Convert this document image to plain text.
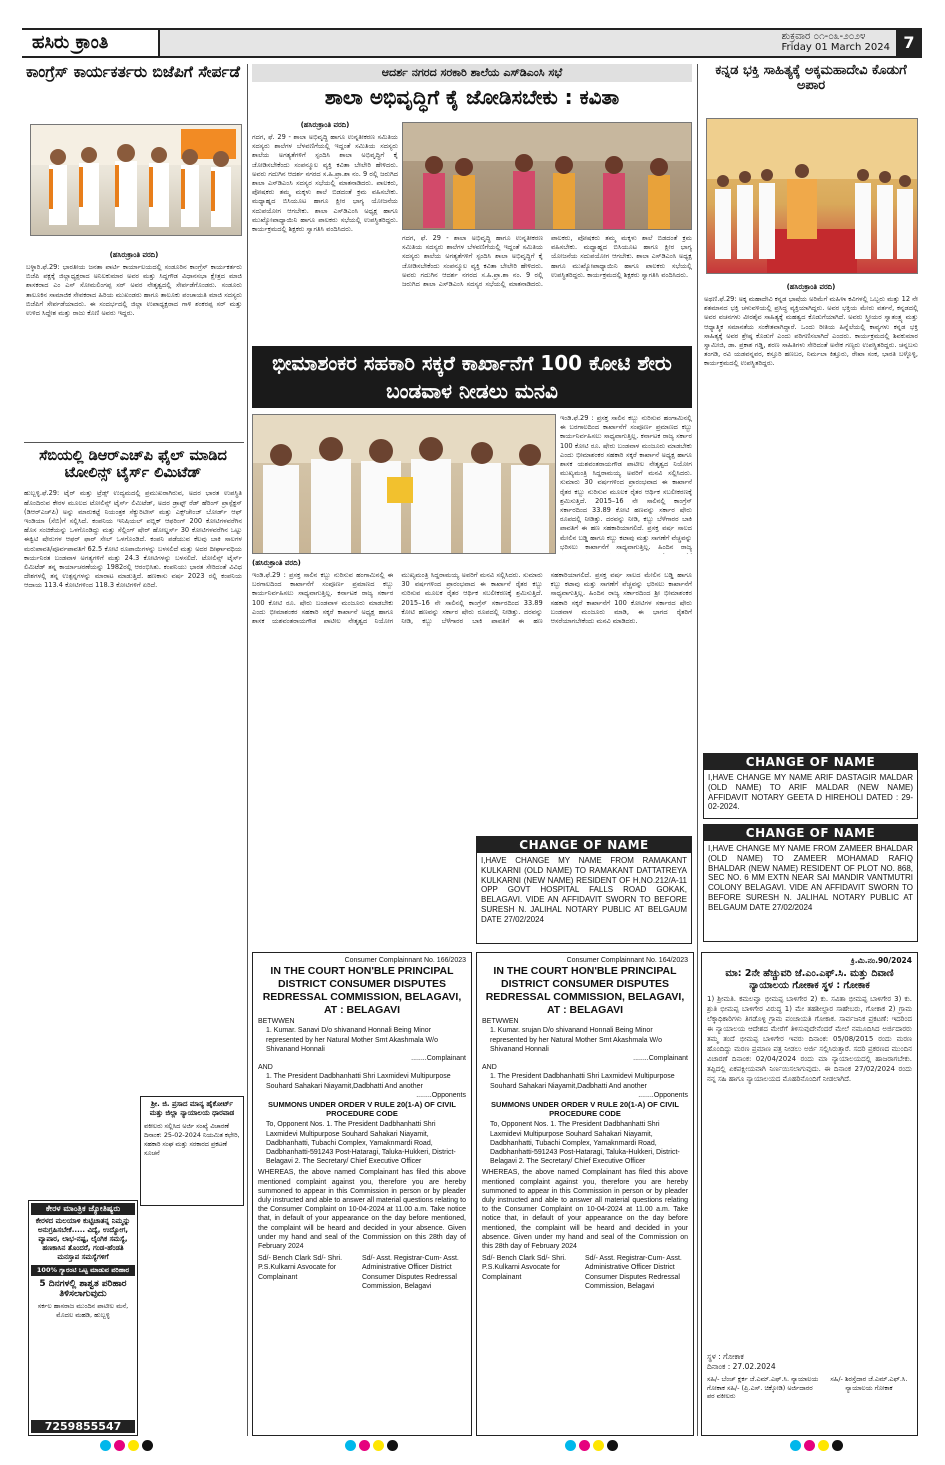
ಹಸಿರು ಕ್ರಾಂತಿ	ಶುಕ್ರವಾರ ೦೧-೦೩-೨೦೨೪
Friday 01 March 2024 7
ಕಾಂಗ್ರೆಸ್ ಕಾರ್ಯಕರ್ತರು ಬಿಜೆಪಿಗೆ ಸೇರ್ಪಡೆ
(ಹಸಿರುಕ್ರಾಂತಿ ವರದಿ)
ಬಳ್ಳಾರಿ.ಫೆ.29: ಭಾರತೀಯ ಜನತಾ ಪಾರ್ಟಿ ಕಾರ್ಯಾಲಯದಲ್ಲಿ ಸಂಡೂರಿನ ಕಾಂಗ್ರೆಸ್ ಕಾರ್ಯಕರ್ತರು ಬಿಜೆಪಿ ಪಕ್ಷಕ್ಕೆ ಜಿಲ್ಲಾಧ್ಯಕ್ಷರಾದ ಅನಿಲಕುಮಾರ ಅವರ ಮತ್ತು ಸಿದ್ದಗೌಡ ವಿಧಾನಸಭಾ ಕ್ಷೇತ್ರದ ಮಾಜಿ ಶಾಸಕರಾದ ಎಂ ಎಸ್ ಸೋಮಲಿಂಗಪ್ಪ ಸರ್ ಅವರ ನೇತೃತ್ವದಲ್ಲಿ ಸೇರ್ಪಡೆಗೊಂಡರು. ಸಂಡೂರು ತಾಲೂಕಿನ ಸಾಮಾಜಿಕ ಸೇವಕರಾದ ಹಿರಿಯ ಮುಖಂಡರು ಹಾಗೂ ತಾಲೂಕು ಪಂಚಾಯತಿ ಮಾಜಿ ಸದಸ್ಯರು ಬಿಜೆಪಿಗೆ ಸೇರ್ಪಡೆಯಾದರು. ಈ ಸಂದರ್ಭದಲ್ಲಿ ಜಿಲ್ಲಾ ಉಪಾಧ್ಯಕ್ಷರಾದ ಗಾಳಿ ಶಂಕರಪ್ಪ ಸರ್ ಮತ್ತು ಉಳಿದ ಸಿದ್ದೇಶ ಮತ್ತು ರಾಜು ಕೊಣಿ ಅವರು ಇದ್ದರು.
ಸೆಬಿಯಲ್ಲಿ ಡಿಆರ್‌ಎಚ್‌ಪಿ ಫೈಲ್ ಮಾಡಿದ ಟೋಲಿನ್ಸ್ ಟೈರ್ಸ್ ಲಿಮಿಟೆಡ್
ಹುಬ್ಬಳ್ಳಿ.ಫೆ.29: ಟೈರ್ ಮತ್ತು ಟ್ರೆಡ್ಸ್ ಉದ್ಯಮದಲ್ಲಿ ಪ್ರಮುಖರಾಗಿರುವ, ಅದರ ಭಾರತ ಉಪಸ್ಥಿತಿ ಹೊಂದಿರುವ ಕೇರಳ ಮೂಲದ ಟೋಲಿನ್ಸ್ ಟೈರ್ಸ್ ಲಿಮಿಟೆಡ್, ಅದರ ಡ್ರಾಫ್ಟ್ ರೆಡ್ ಹೆರಿಂಗ್ ಪ್ರಾಸ್ಪೆಕ್ಟಸ್ (ಡಿಆರ್‌ಎಚ್‌ಪಿ) ಅನ್ನು ಮಾರುಕಟ್ಟೆ ನಿಯಂತ್ರಕ ಸೆಕ್ಯುರಿಟೀಸ್ ಮತ್ತು ಎಕ್ಸ್‌ಚೇಂಜ್ ಬೋರ್ಡ್ ಆಫ್ ಇಂಡಿಯಾ (ಸೆಬಿ)ಗೆ ಸಲ್ಲಿಸಿದೆ. ಕಂಪನಿಯ ಇನಿಷಿಯಲ್ ಪಬ್ಲಿಕ್ ಆಫರಿಂಗ್ 200 ಕೋಟಿಗಳವರೆಗಿನ ಹೊಸ ಸಂಚಿಕೆಯನ್ನು ಒಳಗೊಂಡಿದ್ದು ಮತ್ತು ಸೆಲ್ಲಿಂಗ್ ಷೇರ್ ಹೋಲ್ಡರ್ಸ್ 30 ಕೋಟಿಗಳವರೆಗಿನ ಒಟ್ಟು ಈಕ್ವಿಟಿ ಷೇರುಗಳ ಆಫರ್ ಫಾರ್ ಸೇಲ್ ಒಳಗೊಂಡಿದೆ. ಕಂಪನಿ ಪಡೆಯುವ ಕೆಲವು ಬಾಕಿ ಸಾಲಗಳ ಮರುಪಾವತಿ/ಪೂರ್ವಪಾವತಿಗೆ 62.5 ಕೋಟಿ ರೂಪಾಯಿಗಳನ್ನು ಬಳಸಲಿದೆ ಮತ್ತು ಅದರ ದೀರ್ಘಾವಧಿಯ ಕಾರ್ಯನಿರತ ಬಂಡವಾಳ ಅಗತ್ಯಗಳಿಗೆ ಮತ್ತು 24.3 ಕೋಟಿಗಳನ್ನು ಬಳಸಲಿದೆ. ಟೋಲಿನ್ಸ್ ಟೈರ್ಸ್ ಲಿಮಿಟೆಡ್ ತನ್ನ ಕಾರ್ಯಾಚರಣೆಯನ್ನು 1982ರಲ್ಲಿ ಆರಂಭಿಸಿತು. ಕಂಪನಿಯು ಭಾರತ ಸೇರಿದಂತೆ ವಿವಿಧ ದೇಶಗಳಲ್ಲಿ ತನ್ನ ಉತ್ಪನ್ನಗಳನ್ನು ಮಾರಾಟ ಮಾಡುತ್ತಿದೆ. ಹಣಕಾಸು ವರ್ಷ 2023 ರಲ್ಲಿ ಕಂಪನಿಯ ಆದಾಯ 113.4 ಕೋಟಿಗಳಿಂದ 118.3 ಕೋಟಿಗಳಿಗೆ ಏರಿದೆ.
ಶ್ರೀ. ಜಿ. ಪ್ರಸಾದ ಮಾನ್ಯ ಹೈಕೋರ್ಟ್ ಮತ್ತು ಜಿಲ್ಲಾ ನ್ಯಾಯಾಲಯ ಧಾರವಾಡ
ವಕೀಲರು ಸಲ್ಲಿಸಿದ ಅರ್ಜಿ ಸಂಖ್ಯೆ ವಿಚಾರಣೆ ದಿನಾಂಕ: 25-02-2024 ನಿಯಮಿತ ಕಛೇರಿ, ಸಹಕಾರಿ ಸಂಘ ಮತ್ತು ಸರಕಾರದ ಪ್ರಕಟಣೆ ಸೂಚನೆ
ಕೇರಳ ಮಾಂತ್ರಿಕ ಜ್ಯೋತಿಷ್ಯರು
ಕೇರಳದ ಮಲಯಾಳಿ ಕುಟ್ಟಿಚಾತನ್ನ ನಿಮ್ಮನ್ನು ಅನುಗ್ರಹಿಸಬೇಕೆ..... ವಿದ್ಯೆ, ಉದ್ಯೋಗ, ವ್ಯಾಪಾರ, ಲಾಭ-ನಷ್ಟ, ಲೈಂಗಿಕ ಸಮಸ್ಯೆ, ಹಣಕಾಸಿನ ತೊಂದರೆ, ಗಂಡ-ಹೆಂಡತಿ ಮನಸ್ತಾಪ ಸಮಸ್ಯೆಗಳಿಗೆ
100% ಗ್ಯಾರಂಟಿ ಒಟ್ಟ ಮಾಡುವ ಪರಿಹಾರ
5 ದಿನಗಳಲ್ಲಿ ಶಾಶ್ವತ ಪರಿಹಾರ ತಿಳಿಸಲಾಗುವುದು
ಸರ್ಕಲ ಹಾಸರಾಜ ಮುಂದಿನ ಪಾಟೀಲ ಮನೆ, ಮೊದಲ ಮಹಡಿ, ಹುಬ್ಬಳ್ಳಿ
7259855547
ಆದರ್ಶ ನಗರದ ಸರಕಾರಿ ಶಾಲೆಯ ಎಸ್‌ಡಿಎಂಸಿ ಸಭೆ
ಶಾಲಾ ಅಭಿವೃದ್ಧಿಗೆ ಕೈ ಜೋಡಿಸಬೇಕು : ಕವಿತಾ
(ಹಸಿರುಕ್ರಾಂತಿ ವರದಿ)
ಗದಗ, ಫೆ. 29 - ಶಾಲಾ ಅಭಿವೃದ್ಧಿ ಹಾಗೂ ಉನ್ನತೀಕರಣ ಸಮಿತಿಯ ಸದಸ್ಯರು ಶಾಲೆಗಳ ಬೆಳವಣಿಗೆಯಲ್ಲಿ ಇದ್ದಂತೆ ಸಮಿತಿಯ ಸದಸ್ಯರು ಶಾಲೆಯ ಅಗತ್ಯತೆಗಳಿಗೆ ಸ್ಪಂದಿಸಿ ಶಾಲಾ ಅಭಿವೃದ್ಧಿಗೆ ಕೈ ಜೋಡಿಸಬೇಕೆಂದು ಸಂಪನ್ಮೂಲ ವ್ಯಕ್ತಿ ಕವಿತಾ ಬೇಲೇರಿ ಹೇಳಿದರು. ಅವರು ಗದುಗಿನ ಆದರ್ಶ ನಗರದ ಸ.ಹಿ.ಪ್ರಾ.ಶಾ ನಂ. 9 ರಲ್ಲಿ ಜರುಗಿದ ಶಾಲಾ ಎಸ್‌ಡಿಎಂಸಿ ಸದಸ್ಯರ ಸಭೆಯಲ್ಲಿ ಮಾತನಾಡಿದರು. ಪಾಲಕರು, ಪೋಷಕರು ತಮ್ಮ ಮಕ್ಕಳು ಶಾಲೆ ಬಿಡದಂತೆ ಕ್ರಮ ವಹಿಸಬೇಕು. ಮಧ್ಯಾಹ್ನದ ಬಿಸಿಯೂಟ ಹಾಗೂ ಕ್ಷೀರ ಭಾಗ್ಯ ಯೋಜನೆಯ ಸದುಪಯೋಗ ಆಗಬೇಕು. ಶಾಲಾ ಎಸ್‌ಡಿಎಂಸಿ ಅಧ್ಯಕ್ಷ ಹಾಗೂ ಮುಖ್ಯೋಪಾಧ್ಯಾಯಿನಿ ಹಾಗೂ ಪಾಲಕರು ಸಭೆಯಲ್ಲಿ ಉಪಸ್ಥಿತರಿದ್ದರು. ಕಾರ್ಯಕ್ರಮದಲ್ಲಿ ಶಿಕ್ಷಕರು ಸ್ವಾಗತಿಸಿ ವಂದಿಸಿದರು.
ಗದಗ, ಫೆ. 29 - ಶಾಲಾ ಅಭಿವೃದ್ಧಿ ಹಾಗೂ ಉನ್ನತೀಕರಣ ಸಮಿತಿಯ ಸದಸ್ಯರು ಶಾಲೆಗಳ ಬೆಳವಣಿಗೆಯಲ್ಲಿ ಇದ್ದಂತೆ ಸಮಿತಿಯ ಸದಸ್ಯರು ಶಾಲೆಯ ಅಗತ್ಯತೆಗಳಿಗೆ ಸ್ಪಂದಿಸಿ ಶಾಲಾ ಅಭಿವೃದ್ಧಿಗೆ ಕೈ ಜೋಡಿಸಬೇಕೆಂದು ಸಂಪನ್ಮೂಲ ವ್ಯಕ್ತಿ ಕವಿತಾ ಬೇಲೇರಿ ಹೇಳಿದರು. ಅವರು ಗದುಗಿನ ಆದರ್ಶ ನಗರದ ಸ.ಹಿ.ಪ್ರಾ.ಶಾ ನಂ. 9 ರಲ್ಲಿ ಜರುಗಿದ ಶಾಲಾ ಎಸ್‌ಡಿಎಂಸಿ ಸದಸ್ಯರ ಸಭೆಯಲ್ಲಿ ಮಾತನಾಡಿದರು. ಪಾಲಕರು, ಪೋಷಕರು ತಮ್ಮ ಮಕ್ಕಳು ಶಾಲೆ ಬಿಡದಂತೆ ಕ್ರಮ ವಹಿಸಬೇಕು. ಮಧ್ಯಾಹ್ನದ ಬಿಸಿಯೂಟ ಹಾಗೂ ಕ್ಷೀರ ಭಾಗ್ಯ ಯೋಜನೆಯ ಸದುಪಯೋಗ ಆಗಬೇಕು. ಶಾಲಾ ಎಸ್‌ಡಿಎಂಸಿ ಅಧ್ಯಕ್ಷ ಹಾಗೂ ಮುಖ್ಯೋಪಾಧ್ಯಾಯಿನಿ ಹಾಗೂ ಪಾಲಕರು ಸಭೆಯಲ್ಲಿ ಉಪಸ್ಥಿತರಿದ್ದರು. ಕಾರ್ಯಕ್ರಮದಲ್ಲಿ ಶಿಕ್ಷಕರು ಸ್ವಾಗತಿಸಿ ವಂದಿಸಿದರು.
ಭೀಮಾಶಂಕರ ಸಹಕಾರಿ ಸಕ್ಕರೆ ಕಾರ್ಖಾನೆಗೆ 100 ಕೋಟಿ ಶೇರು ಬಂಡವಾಳ ನೀಡಲು ಮನವಿ
ಇಂಡಿ.ಫೆ.29 : ಪ್ರಸಕ್ತ ಸಾಲಿನ ಕಬ್ಬು ನುರಿಸುವ ಹಂಗಾಮಿನಲ್ಲಿ ಈ ಬರಗಾಲದಿಂದ ಕಾರ್ಖಾನೆಗೆ ಸಂಪೂರ್ಣ ಪ್ರಮಾಣದ ಕಬ್ಬು ಕಾರ್ಯನಿರ್ವಹಿಸಲು ಸಾಧ್ಯವಾಗುತ್ತಿಲ್ಲ. ಕರ್ನಾಟಕ ರಾಜ್ಯ ಸರ್ಕಾರ 100 ಕೋಟಿ ರೂ. ಷೇರು ಬಂಡವಾಳ ಮಂಜೂರು ಮಾಡಬೇಕು ಎಂದು ಭೀಮಾಶಂಕರ ಸಹಕಾರಿ ಸಕ್ಕರೆ ಕಾರ್ಖಾನೆ ಅಧ್ಯಕ್ಷ ಹಾಗೂ ಶಾಸಕ ಯಶವಂತರಾಯಗೌಡ ಪಾಟೀಲ ನೇತೃತ್ವದ ನಿಯೋಗ ಮುಖ್ಯಮಂತ್ರಿ ಸಿದ್ದರಾಮಯ್ಯ ಅವರಿಗೆ ಮನವಿ ಸಲ್ಲಿಸಿದರು. ಸುಮಾರು 30 ವರ್ಷಗಳಿಂದ ಪ್ರಾರಂಭವಾದ ಈ ಕಾರ್ಖಾನೆ ರೈತರ ಕಬ್ಬು ನುರಿಸುವ ಮೂಲಕ ರೈತರ ಆರ್ಥಿಕ ಸಬಲೀಕರಣಕ್ಕೆ ಶ್ರಮಿಸುತ್ತಿದೆ. 2015–16 ನೇ ಸಾಲಿನಲ್ಲಿ ಕಾಂಗ್ರೆಸ್ ಸರ್ಕಾರದಿಂದ 33.89 ಕೋಟಿ ಹಣವನ್ನು ಸರ್ಕಾರ ಷೇರು ರೂಪದಲ್ಲಿ ನೀಡಿತ್ತು. ದರವನ್ನು ನೀಡಿ, ಕಬ್ಬು ಬೆಳೆಗಾರರ ಬಾಕಿ ಪಾವತಿಗೆ ಈ ಹಣ ಸಹಕಾರಿಯಾಗಲಿದೆ. ಪ್ರಸಕ್ತ ವರ್ಷ ಸಾಲದ ಮೇಲಿನ ಬಡ್ಡಿ ಹಾಗೂ ಕಬ್ಬು ಕಟಾವು ಮತ್ತು ಸಾಗಣೆಗೆ ವೆಚ್ಚವನ್ನು ಭರಿಸಲು ಕಾರ್ಖಾನೆಗೆ ಸಾಧ್ಯವಾಗುತ್ತಿಲ್ಲ. ಹಿಂದಿನ ರಾಜ್ಯ
(ಹಸಿರುಕ್ರಾಂತಿ ವರದಿ)
ಇಂಡಿ.ಫೆ.29 : ಪ್ರಸಕ್ತ ಸಾಲಿನ ಕಬ್ಬು ನುರಿಸುವ ಹಂಗಾಮಿನಲ್ಲಿ ಈ ಬರಗಾಲದಿಂದ ಕಾರ್ಖಾನೆಗೆ ಸಂಪೂರ್ಣ ಪ್ರಮಾಣದ ಕಬ್ಬು ಕಾರ್ಯನಿರ್ವಹಿಸಲು ಸಾಧ್ಯವಾಗುತ್ತಿಲ್ಲ. ಕರ್ನಾಟಕ ರಾಜ್ಯ ಸರ್ಕಾರ 100 ಕೋಟಿ ರೂ. ಷೇರು ಬಂಡವಾಳ ಮಂಜೂರು ಮಾಡಬೇಕು ಎಂದು ಭೀಮಾಶಂಕರ ಸಹಕಾರಿ ಸಕ್ಕರೆ ಕಾರ್ಖಾನೆ ಅಧ್ಯಕ್ಷ ಹಾಗೂ ಶಾಸಕ ಯಶವಂತರಾಯಗೌಡ ಪಾಟೀಲ ನೇತೃತ್ವದ ನಿಯೋಗ ಮುಖ್ಯಮಂತ್ರಿ ಸಿದ್ದರಾಮಯ್ಯ ಅವರಿಗೆ ಮನವಿ ಸಲ್ಲಿಸಿದರು. ಸುಮಾರು 30 ವರ್ಷಗಳಿಂದ ಪ್ರಾರಂಭವಾದ ಈ ಕಾರ್ಖಾನೆ ರೈತರ ಕಬ್ಬು ನುರಿಸುವ ಮೂಲಕ ರೈತರ ಆರ್ಥಿಕ ಸಬಲೀಕರಣಕ್ಕೆ ಶ್ರಮಿಸುತ್ತಿದೆ. 2015–16 ನೇ ಸಾಲಿನಲ್ಲಿ ಕಾಂಗ್ರೆಸ್ ಸರ್ಕಾರದಿಂದ 33.89 ಕೋಟಿ ಹಣವನ್ನು ಸರ್ಕಾರ ಷೇರು ರೂಪದಲ್ಲಿ ನೀಡಿತ್ತು. ದರವನ್ನು ನೀಡಿ, ಕಬ್ಬು ಬೆಳೆಗಾರರ ಬಾಕಿ ಪಾವತಿಗೆ ಈ ಹಣ ಸಹಕಾರಿಯಾಗಲಿದೆ. ಪ್ರಸಕ್ತ ವರ್ಷ ಸಾಲದ ಮೇಲಿನ ಬಡ್ಡಿ ಹಾಗೂ ಕಬ್ಬು ಕಟಾವು ಮತ್ತು ಸಾಗಣೆಗೆ ವೆಚ್ಚವನ್ನು ಭರಿಸಲು ಕಾರ್ಖಾನೆಗೆ ಸಾಧ್ಯವಾಗುತ್ತಿಲ್ಲ. ಹಿಂದಿನ ರಾಜ್ಯ ಸರ್ಕಾರದಿಂದ ಶ್ರೀ ಭೀಮಾಶಂಕರ ಸಹಕಾರಿ ಸಕ್ಕರೆ ಕಾರ್ಖಾನೆಗೆ 100 ಕೋಟಿಗಳ ಸರ್ಕಾರದ ಷೇರು ಬಂಡವಾಳ ಮಂಜೂರು ಮಾಡಿ, ಈ ಭಾಗದ ರೈತರಿಗೆ ಆಸರೆಯಾಗಬೇಕೆಂದು ಮನವಿ ಮಾಡಿದರು.
CHANGE OF NAME
I,HAVE CHANGE MY NAME FROM RAMAKANT KULKARNI (OLD NAME) TO RAMAKANT DATTATREYA KULKARNI (NEW NAME) RESIDENT OF H.NO.212/A-11 OPP GOVT HOSPITAL FALLS ROAD GOKAK, BELAGAVI. VIDE AN AFFIDAVIT SWORN TO BEFORE SURESH N. JALIHAL NOTARY PUBLIC AT BELGAUM DATE 27/02/2024
ಕನ್ನಡ ಭಕ್ತಿ ಸಾಹಿತ್ಯಕ್ಕೆ ಅಕ್ಕಮಹಾದೇವಿ ಕೊಡುಗೆ ಅಪಾರ
(ಹಸಿರುಕ್ರಾಂತಿ ವರದಿ)
ಅಥಣಿ.ಫೆ.29: ಅಕ್ಕ ಮಹಾದೇವಿ ಕನ್ನಡ ಭಾಷೆಯ ಅರಿಮೆಗೆ ಮಹಿಳಾ ಕವಿಗಳಲ್ಲಿ ಒಬ್ಬರು ಮತ್ತು 12 ನೇ ಶತಮಾನದ ಭಕ್ತಿ ಚಳುವಳಿಯಲ್ಲಿ ಪ್ರಸಿದ್ಧ ವ್ಯಕ್ತಿಯಾಗಿದ್ದರು. ಅವರ ಭಕ್ತಿಯ ಮೇರು ವರ್ತನೆ, ಕನ್ನಡದಲ್ಲಿ ಅವರ ವಚನಗಳು ವೀರಶೈವ ಸಾಹಿತ್ಯಕ್ಕೆ ಮಹತ್ವದ ಕೊಡುಗೆಯಾಗಿದೆ. ಅವರು ಸ್ತ್ರೀಯರ ಸ್ವಾತಂತ್ರ್ಯ ಮತ್ತು ಆಧ್ಯಾತ್ಮಿಕ ಸಮಾನತೆಯ ಸಂಕೇತವಾಗಿದ್ದಾರೆ. ಒಂದು ರೀತಿಯ ಹಿನ್ನೆಲೆಯಲ್ಲಿ ಕಾವ್ಯಗಳು ಕನ್ನಡ ಭಕ್ತಿ ಸಾಹಿತ್ಯಕ್ಕೆ ಅವರ ಶ್ರೇಷ್ಠ ಕೊಡುಗೆ ಎಂದು ಪರಿಗಣಿಸಲಾಗಿದೆ ಎಂದರು. ಕಾರ್ಯಕ್ರಮದಲ್ಲಿ ಶಿವಕುಮಾರ ಸ್ವಾಮೀಜಿ, ಡಾ. ಪ್ರಕಾಶ ಗಡ್ಡಿ, ಶರಣ ಸಾಹಿತಿಗಳು ಸೇರಿದಂತೆ ಅನೇಕ ಗಣ್ಯರು ಉಪಸ್ಥಿತರಿದ್ದರು. ಚನ್ನಬಸು ತಂಗಡಿ, ರವಿ ಯಡವನ್ನವರ, ಕಸ್ತೂರಿ ಹಣಬರ, ನಿರ್ಮಲಾ ಕಿತ್ತೂರು, ರೇಖಾ ಸಂಕ, ಭಾರತಿ ಬಳ್ಳೊಳ್ಳಿ, ಕಾರ್ಯಕ್ರಮದಲ್ಲಿ ಉಪಸ್ಥಿತರಿದ್ದರು.
CHANGE OF NAME
I,HAVE CHANGE MY NAME ARIF DASTAGIR MALDAR (OLD NAME) TO ARIF MALDAR (NEW NAME) AFFIDAVIT NOTARY GEETA D HIREHOLI DATED : 29-02-2024.
CHANGE OF NAME
I,HAVE CHANGE MY NAME FROM ZAMEER BHALDAR (OLD NAME) TO ZAMEER MOHAMAD RAFIQ BHALDAR (NEW NAME) RESIDENT OF PLOT NO. 868, SEC NO. 6 MM EXTN NEAR SAI MANDIR VANTMUTRI COLONY BELAGAVI. VIDE AN AFFIDAVIT SWORN TO BEFORE SURESH N. JALIHAL NOTARY PUBLIC AT BELGAUM DATE 27/02/2024
Consumer Complainnant No. 166/2023
IN THE COURT HON'BLE PRINCIPAL DISTRICT CONSUMER DISPUTES REDRESSAL COMMISSION, BELAGAVI, AT : BELAGAVI
BETWWEN
1. Kumar. Sanavi D/o shivanand Honnali Being Minor represented by her Natural Mother Smt Akashmala W/o Shivanand Honnali
........Complainant
AND
1. The President Dadbhanhatti Shri Laxmidevi Multipurpose Souhard Sahakari Niayamit,Dadbhatti And another
........Opponents
SUMMONS UNDER ORDER V RULE 20(1-A) OF CIVIL PROCEDURE CODE
To, Opponent Nos. 1. The President Dadbhanhatti Shri Laxmidevi Multipurpose Souhard Sahakari Niayamit, Dadbhanhatti, Tubachi Complex, Yamaknmardi Road, Dadbhanhatti-591243 Post-Hataragi, Taluka-Hukkeri, District-Belagavi 2. The Secretary/ Chief Executive Officer
WHEREAS, the above named Complainant has filed this above mentioned complaint against you, therefore you are hereby summoned to appear in this Commission in person or by pleader duly instructed and able to answer all material questions relating to the Consumer Complaint on 10-04-2024 at 11.00 a.m. Take notice that, in default of your appearance on the day before mentioned, the complaint will be heard and decided in your absence. Given under my hand and seal of the Commission on this 28th day of February 2024
Sd/- Bench Clark Sd/- Shri. P.S.Kulkarni Asvocate for Complainant
Sd/- Asst. Registrar-Cum- Asst. Administrative Officer District Consumer Disputes Redressal Commission, Belagavi
Consumer Complainnant No. 164/2023
IN THE COURT HON'BLE PRINCIPAL DISTRICT CONSUMER DISPUTES REDRESSAL COMMISSION, BELAGAVI, AT : BELAGAVI
BETWWEN
1. Kumar. srujan D/o shivanand Honnali Being Minor represented by her Natural Mother Smt Akashmala W/o Shivanand Honnali
........Complainant
AND
1. The President Dadbhanhatti Shri Laxmidevi Multipurpose Souhard Sahakari Niayamit,Dadbhatti And another
........Opponents
SUMMONS UNDER ORDER V RULE 20(1-A) OF CIVIL PROCEDURE CODE
To, Opponent Nos. 1. The President Dadbhanhatti Shri Laxmidevi Multipurpose Souhard Sahakari Niayamit, Dadbhanhatti, Tubachi Complex, Yamaknmardi Road, Dadbhanhatti-591243 Post-Hataragi, Taluka-Hukkeri, District-Belagavi 2. The Secretary/ Chief Executive Officer
WHEREAS, the above named Complainant has filed this above mentioned complaint against you, therefore you are hereby summoned to appear in this Commission in person or by pleader duly instructed and able to answer all material questions relating to the Consumer Complaint on 10-04-2024 at 11.00 a.m. Take notice that, in default of your appearance on the day before mentioned, the complaint will be heard and decided in your absence. Given under my hand and seal of the Commission on this 28th day of February 2024
Sd/- Bench Clark Sd/- Shri. P.S.Kulkarni Asvocate for Complainant
Sd/- Asst. Registrar-Cum- Asst. Administrative Officer District Consumer Disputes Redressal Commission, Belagavi
ಕ್ರಿ.ಮಿ.ನಂ.90/2024
ಮಾ: 2ನೇ ಹೆಚ್ಚುವರಿ ಜೆ.ಎಂ.ಎಫ್.ಸಿ. ಮತ್ತು ದಿವಾಣಿ ನ್ಯಾಯಾಲಯ ಗೋಕಾಕ ಸ್ಥಳ : ಗೋಕಾಕ
1) ಶ್ರೀಮತಿ. ಕಮಲವ್ವಾ ಭೀಮಪ್ಪ ಬಾಳಿಗೇರ 2) ಕು. ಸವಿತಾ ಭೀಮಪ್ಪ ಬಾಳಿಗೇರ 3) ಕು. ಶ್ರುತಿ ಭೀಮಪ್ಪ ಬಾಳಿಗೇರ ವಿರುದ್ಧ 1) ಮೇ ತಹಶೀಲ್ದಾರ ಸಾಹೇಬರು, ಗೋಕಾಕ 2) ಗ್ರಾಮ ಲೆಕ್ಕಾಧಿಕಾರಿಗಳು ತಿಗಡೊಳ್ಳಿ ಗ್ರಾಮ ಪಂಚಾಯತಿ ಗೋಕಾಕ. ಸಾರ್ವಜನಿಕ ಪ್ರಕಟಣೆ: ಇದರಿಂದ ಈ ನ್ಯಾಯಾಲಯ ಆದೇಶದ ಮೇರೆಗೆ ತಿಳಿಸುವುದೇನೆಂದರೆ ಮೇಲೆ ನಮೂದಿಸಿದ ಅರ್ಜಿದಾರರು ತಮ್ಮ ತಂದೆ ಭೀಮಪ್ಪ ಬಾಳಿಗೇರ ಇವರು ದಿನಾಂಕ: 05/08/2015 ರಂದು ಮರಣ ಹೊಂದಿದ್ದು ಮರಣ ಪ್ರಮಾಣ ಪತ್ರ ನೀಡಲು ಅರ್ಜಿ ಸಲ್ಲಿಸಿರುತ್ತಾರೆ. ಸದರಿ ಪ್ರಕರಣದ ಮುಂದಿನ ವಿಚಾರಣೆ ದಿನಾಂಕ: 02/04/2024 ರಂದು ಮಾ ನ್ಯಾಯಾಲಯದಲ್ಲಿ ಹಾಜರಾಗಬೇಕು. ತಪ್ಪಿದಲ್ಲಿ ಏಕಪಕ್ಷೀಯವಾಗಿ ನಿರ್ಣಯಿಸಲಾಗುವುದು. ಈ ದಿನಾಂಕ 27/02/2024 ರಂದು ನನ್ನ ಸಹಿ ಹಾಗೂ ನ್ಯಾಯಾಲಯದ ಮೊಹರಿನೊಂದಿಗೆ ನೀಡಲಾಗಿದೆ.
ಸ್ಥಳ : ಗೋಕಾಕ
ದಿನಾಂಕ : 27.02.2024
ಸಹಿ/- ಬೆಂಚ್ ಕ್ಲರ್ಕ ಜೆ.ಎಮ್.ಎಫ್.ಸಿ. ನ್ಯಾಯಾಲಯ ಗೋಕಾಕ ಸಹಿ/- (ಪ್ರಿ.ಎಸ್. ಚಿಕ್ಕೋಡಿ) ಅರ್ಜಿದಾರರ ಪರ ವಕೀಲರು
ಸಹಿ/- ಶಿರಸ್ತೆದಾರ ಜೆ.ಎಮ್.ಎಫ್.ಸಿ. ನ್ಯಾಯಾಲಯ ಗೋಕಾಕ
